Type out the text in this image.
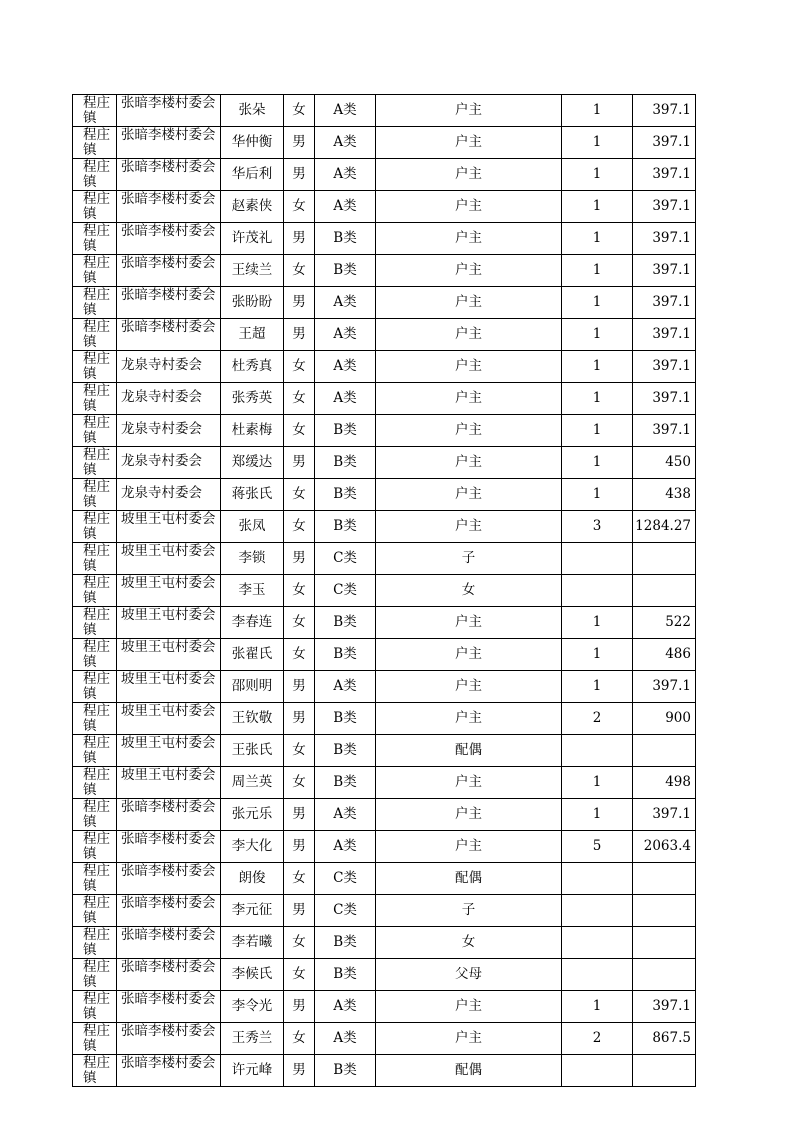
程庄镇	张暗李楼村委会	张朵	女	A类	户主	1	397.1

程庄镇	张暗李楼村委会	华仲衡	男	A类	户主	1	397.1

程庄镇	张暗李楼村委会	华后利	男	A类	户主	1	397.1

程庄镇	张暗李楼村委会	赵素侠	女	A类	户主	1	397.1

程庄镇	张暗李楼村委会	许茂礼	男	B类	户主	1	397.1

程庄镇	张暗李楼村委会	王续兰	女	B类	户主	1	397.1

程庄镇	张暗李楼村委会	张盼盼	男	A类	户主	1	397.1

程庄镇	张暗李楼村委会	王超	男	A类	户主	1	397.1

程庄镇	龙泉寺村委会	杜秀真	女	A类	户主	1	397.1

程庄镇	龙泉寺村委会	张秀英	女	A类	户主	1	397.1

程庄镇	龙泉寺村委会	杜素梅	女	B类	户主	1	397.1

程庄镇	龙泉寺村委会	郑缓达	男	B类	户主	1	450

程庄镇	龙泉寺村委会	蒋张氏	女	B类	户主	1	438

程庄镇	坡里王屯村委会	张凤	女	B类	户主	3	1284.27

程庄镇	坡里王屯村委会	李锁	男	C类	子		

程庄镇	坡里王屯村委会	李玉	女	C类	女		

程庄镇	坡里王屯村委会	李春连	女	B类	户主	1	522

程庄镇	坡里王屯村委会	张翟氏	女	B类	户主	1	486

程庄镇	坡里王屯村委会	邵则明	男	A类	户主	1	397.1

程庄镇	坡里王屯村委会	王钦敬	男	B类	户主	2	900

程庄镇	坡里王屯村委会	王张氏	女	B类	配偶		

程庄镇	坡里王屯村委会	周兰英	女	B类	户主	1	498

程庄镇	张暗李楼村委会	张元乐	男	A类	户主	1	397.1

程庄镇	张暗李楼村委会	李大化	男	A类	户主	5	2063.4

程庄镇	张暗李楼村委会	朗俊	女	C类	配偶		

程庄镇	张暗李楼村委会	李元征	男	C类	子		

程庄镇	张暗李楼村委会	李若曦	女	B类	女		

程庄镇	张暗李楼村委会	李候氏	女	B类	父母		

程庄镇	张暗李楼村委会	李令光	男	A类	户主	1	397.1

程庄镇	张暗李楼村委会	王秀兰	女	A类	户主	2	867.5

程庄镇	张暗李楼村委会	许元峰	男	B类	配偶		
